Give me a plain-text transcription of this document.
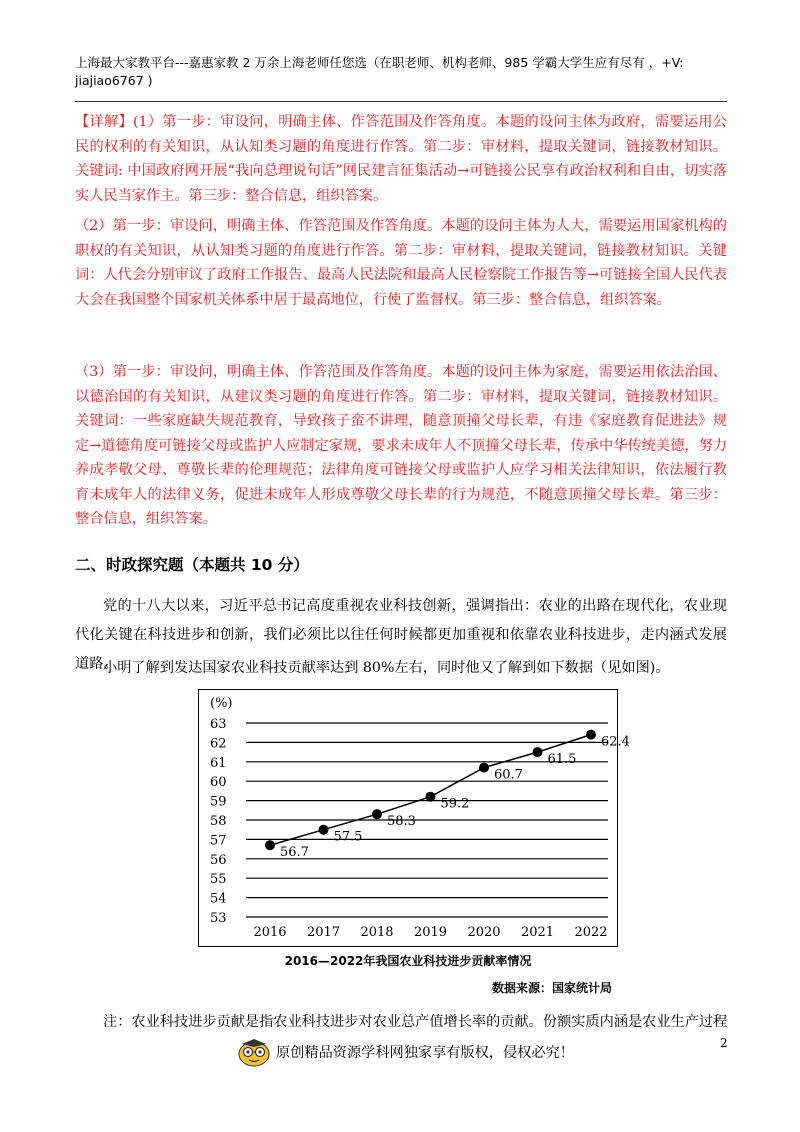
上海最大家教平台---嘉惠家教 2 万余上海老师任您选（在职老师、机构老师、985 学霸大学生应有尽有 ，+V: jiajiao6767 )
【详解】(1）第一步：审设问，明确主体、作答范围及作答角度。本题的设问主体为政府，需要运用公民的权利的有关知识，从认知类习题的角度进行作答。第二步：审材料，提取关键词，链接教材知识。关键词: 中国政府网开展“我向总理说句话”网民建言征集活动→可链接公民享有政治权利和自由，切实落实人民当家作主。第三步：整合信息，组织答案。
（2）第一步：审设问，明确主体、作答范围及作答角度。本题的设问主体为人大，需要运用国家机构的职权的有关知识，从认知类习题的角度进行作答。第二步：审材料，提取关键词，链接教材知识。关键词：人代会分别审议了政府工作报告、最高人民法院和最高人民检察院工作报告等→可链接全国人民代表大会在我国整个国家机关体系中居于最高地位，行使了监督权。第三步：整合信息，组织答案。
（3）第一步：审设问，明确主体、作答范围及作答角度。本题的设问主体为家庭，需要运用依法治国、以德治国的有关知识，从建议类习题的角度进行作答。第二步：审材料，提取关键词，链接教材知识。关键词：一些家庭缺失规范教育，导致孩子蛮不讲理，随意顶撞父母长辈，有违《家庭教育促进法》规定→道德角度可链接父母或监护人应制定家规，要求未成年人不顶撞父母长辈，传承中华传统美德，努力养成孝敬父母、尊敬长辈的伦理规范；法律角度可链接父母或监护人应学习相关法律知识，依法履行教育未成年人的法律义务，促进未成年人形成尊敬父母长辈的行为规范，不随意顶撞父母长辈。第三步：整合信息，组织答案。
二、时政探究题（本题共 10 分）
党的十八大以来，习近平总书记高度重视农业科技创新，强调指出：农业的出路在现代化，农业现代化关键在科技进步和创新，我们必须比以往任何时候都更加重视和依靠农业科技进步，走内涵式发展道路。
小明了解到发达国家农业科技贡献率达到 80%左右，同时他又了解到如下数据（见如图)。
(%)
53
54
55
56
57
58
59
60
61
62
63
2016 2017 2018 2019 2020 2021 2022
56.7
57.5
58.3
59.2
60.7
61.5
62.4
2016—2022年我国农业科技进步贡献率情况
数据来源：国家统计局
注：农业科技进步贡献是指农业科技进步对农业总产值增长率的贡献。份额实质内涵是农业生产过程
原创精品资源学科网独家享有版权，侵权必究！
2
